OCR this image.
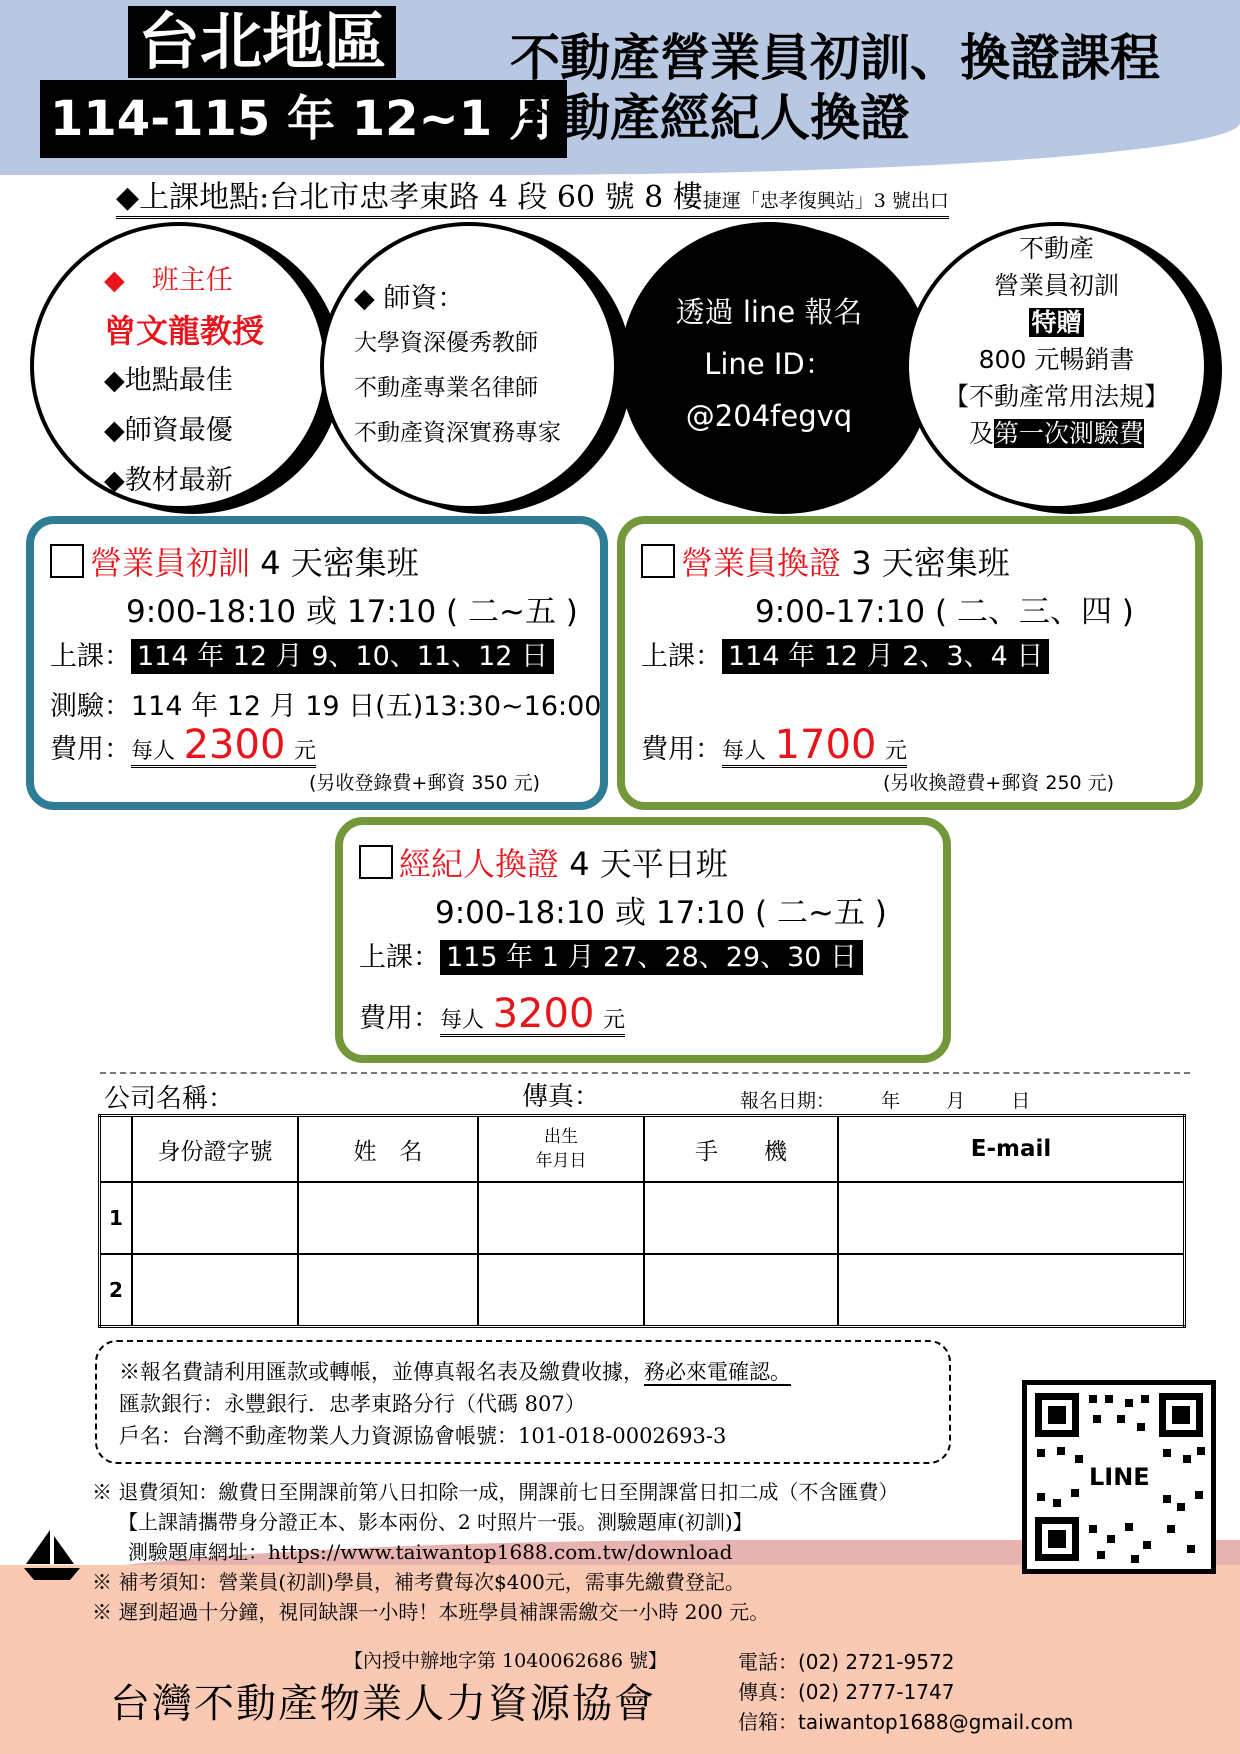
台北地區
114-115 年 12~1 月
不動產營業員初訓、換證課程
不動產經紀人換證
◆上課地點:台北市忠孝東路 4 段 60 號 8 樓捷運「忠孝復興站」3 號出口
◆　班主任
曾文龍教授
◆地點最佳
◆師資最優
◆教材最新
◆ 師資：
大學資深優秀教師
不動產專業名律師
不動產資深實務專家
透過 line 報名
Line ID：
@204fegvq
不動產
營業員初訓
特贈
800 元暢銷書
【不動產常用法規】
及第一次測驗費
營業員初訓 4 天密集班
9:00-18:10 或 17:10 ( 二~五 )
上課： 114 年 12 月 9、10、11、12 日
測驗：114 年 12 月 19 日(五)13:30~16:00
費用：每人 2300 元
(另收登錄費+郵資 350 元)
營業員換證 3 天密集班
9:00-17:10 ( 二、三、四 )
上課： 114 年 12 月 2、3、4 日
費用：每人 1700 元
(另收換證費+郵資 250 元)
經紀人換證 4 天平日班
9:00-18:10 或 17:10 ( 二~五 )
上課： 115 年 1 月 27、28、29、30 日
費用：每人 3200 元
公司名稱：	傳真：	報名日期： 年 月 日
	身份證字號	姓　名	出生
年月日	手　　機	E-mail
1					
2					
※報名費請利用匯款或轉帳，並傳真報名表及繳費收據，務必來電確認。
匯款銀行：永豐銀行．忠孝東路分行（代碼 807）
戶名：台灣不動產物業人力資源協會帳號：101-018-0002693-3
LINE
※ 退費須知：繳費日至開課前第八日扣除一成，開課前七日至開課當日扣二成（不含匯費）
【上課請攜帶身分證正本、影本兩份、2 吋照片一張。測驗題庫(初訓)】
測驗題庫網址：https://www.taiwantop1688.com.tw/download
※ 補考須知：營業員(初訓)學員，補考費每次$400元，需事先繳費登記。
※ 遲到超過十分鐘，視同缺課一小時！本班學員補課需繳交一小時 200 元。
【內授中辦地字第 1040062686 號】
台灣不動產物業人力資源協會
電話：(02) 2721-9572
傳真：(02) 2777-1747
信箱：taiwantop1688@gmail.com
